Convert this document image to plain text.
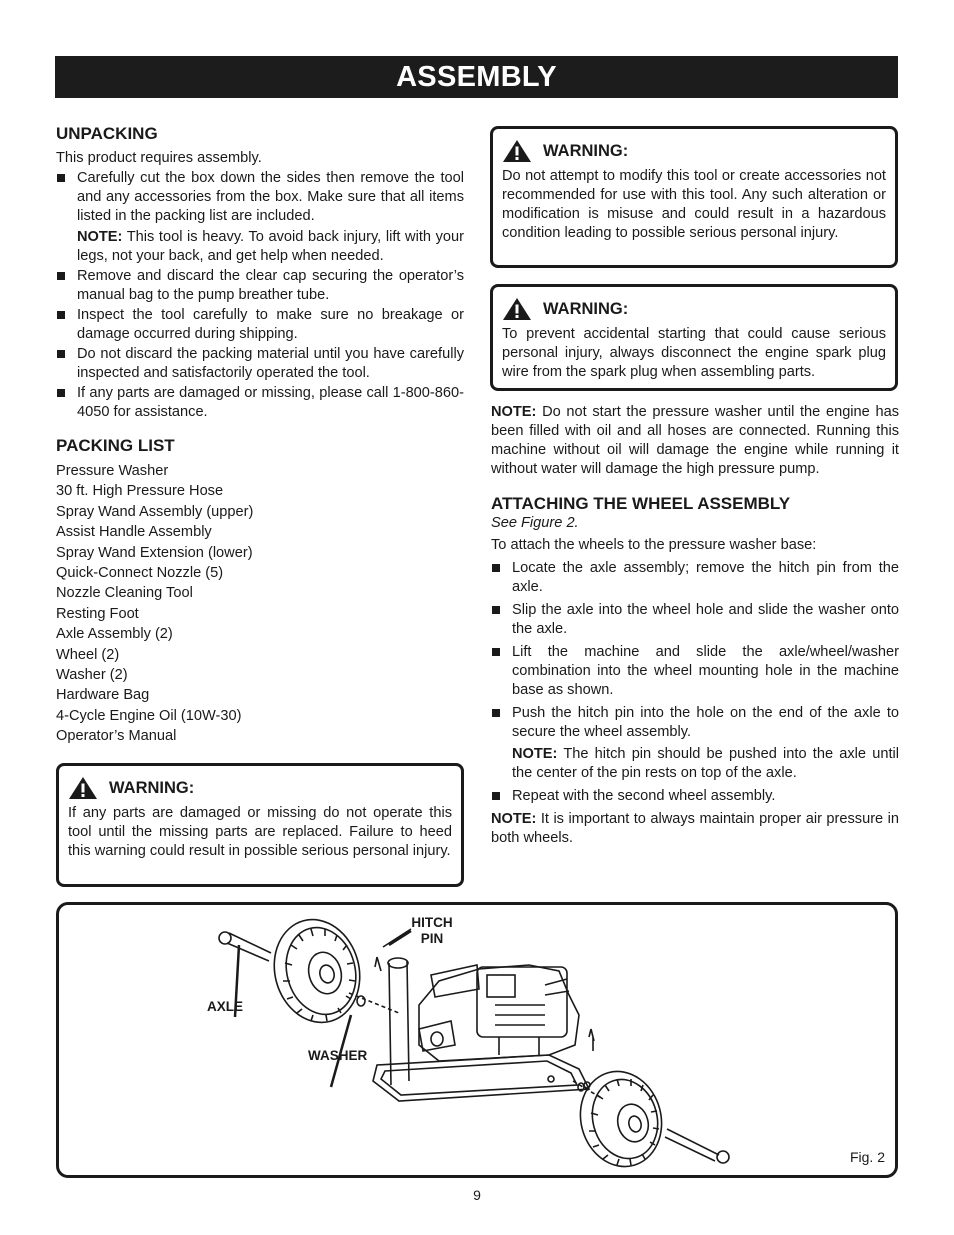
ASSEMBLY
UNPACKING

This product requires assembly.

Carefully cut the box down the sides then remove the tool and any accessories from the box. Make sure that all items listed in the packing list are included.
NOTE: This tool is heavy. To avoid back injury, lift with your legs, not your back, and get help when needed.
Remove and discard the clear cap securing the operator’s manual bag to the pump breather tube.
Inspect the tool carefully to make sure no breakage or damage occurred during shipping.
Do not discard the packing material until you have carefully inspected and satisfactorily operated the tool.
If any parts are damaged or missing, please call 1-800-860-4050 for assistance.
PACKING LIST
Pressure Washer
30 ft. High Pressure Hose
Spray Wand Assembly (upper)
Assist Handle Assembly
Spray Wand Extension (lower)
Quick-Connect Nozzle (5)
Nozzle Cleaning Tool
Resting Foot
Axle Assembly (2)
Wheel (2)
Washer (2)
Hardware Bag
4-Cycle Engine Oil (10W-30)
Operator’s Manual
WARNING:
If any parts are damaged or missing do not operate this tool until the missing parts are replaced. Failure to heed this warning could result in possible serious personal injury.
WARNING:
Do not attempt to modify this tool or create accessories not recommended for use with this tool. Any such alteration or modification is misuse and could result in a hazardous condition leading to possible serious personal injury.
WARNING:
To prevent accidental starting that could cause serious personal injury, always disconnect the engine spark plug wire from the spark plug when assembling parts.

NOTE: Do not start the pressure washer until the engine has been filled with oil and all hoses are connected. Running this machine without oil will damage the engine while running it without water will damage the high pressure pump.

ATTACHING THE WHEEL ASSEMBLY

See Figure 2.

To attach the wheels to the pressure washer base:

Locate the axle assembly; remove the hitch pin from the axle.
Slip the axle into the wheel hole and slide the washer onto the axle.
Lift the machine and slide the axle/wheel/washer combination into the wheel mounting hole in the machine base as shown.
Push the hitch pin into the hole on the end of the axle to secure the wheel assembly.
NOTE: The hitch pin should be pushed into the axle until the center of the pin rests on top of the axle.
Repeat with the second wheel assembly.

NOTE: It is important to always maintain proper air pressure in both wheels.

HITCH
PIN
AXLE
WASHER
Fig. 2
9
